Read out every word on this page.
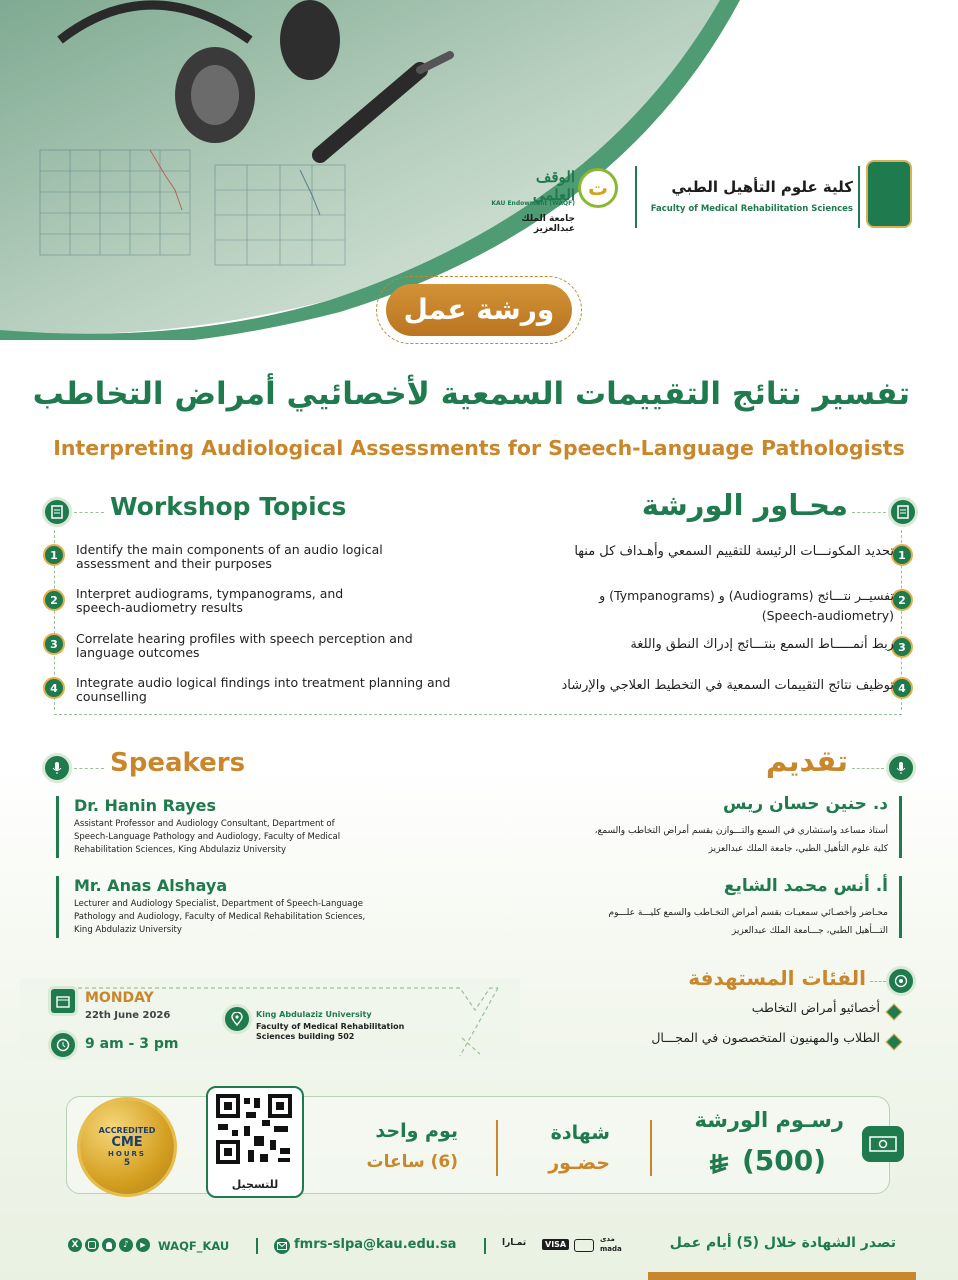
كلية علوم التأهيل الطبي
Faculty of Medical Rehabilitation Sciences
ﺕ
الوقف العلمي
KAU Endowment (WAQF)
جامعة الملك عبدالعزيز
ورشة عمل
تفسير نتائج التقييمات السمعية لأخصائيي أمراض التخاطب
Interpreting Audiological Assessments for Speech-Language Pathologists
Workshop Topics	محـاور الورشة
1
2
3
4
Identify the main components of an audio logical assessment and their purposes
Interpret audiograms, tympanograms, and speech-audiometry results
Correlate hearing profiles with speech perception and language outcomes
Integrate audio logical findings into treatment planning and counselling
1
2
3
4
تحديد المكونـــات الرئيسة للتقييم السمعي وأهـداف كل منها
تفسيــر نتـــائج (Audiograms) و (Tympanograms) و (Speech-audiometry)
ربط أنمـــــاط السمع بنتـــائج إدراك النطق واللغة
توظيف نتائج التقييمات السمعية في التخطيط العلاجي والإرشاد
Speakers	تقديم
Dr. Hanin Rayes
Assistant Professor and Audiology Consultant, Department of Speech-Language Pathology and Audiology, Faculty of Medical Rehabilitation Sciences, King Abdulaziz University
Mr. Anas Alshaya
Lecturer and Audiology Specialist, Department of Speech-Language Pathology and Audiology, Faculty of Medical Rehabilitation Sciences, King Abdulaziz University
د. حنين حسان ريس
أستاذ مساعد واستشاري في السمع والتـــوازن بقسم أمراض التخاطب والسمع، كلية علوم التأهيل الطبي، جامعة الملك عبدالعزيز
أ. أنس محمد الشايع
محـاضر وأخصـائي سمعيـات بقسم أمراض التخـاطب والسمع كليـــة علـــوم التـــأهيل الطبي، جـــامعة الملك عبدالعزيز
MONDAY
22th June 2026
9 am - 3 pm
King Abdulaziz University
Faculty of Medical Rehabilitation Sciences building 502
الفئات المستهدفة
أخصائيو أمراض التخاطب
الطلاب والمهنيون المتخصصون في المجـــال
ACCREDITED
CME
HOURS
5
للتسجيل
يوم واحد
(6) ساعات
شهادة
حضـور
رسـوم الورشة
(500)
X	♪	▶	WAQF_KAU	fmrs-slpa@kau.edu.sa	تمـارا	VISA
مدى
mada	تصدر الشهادة خلال (5) أيام عمل
